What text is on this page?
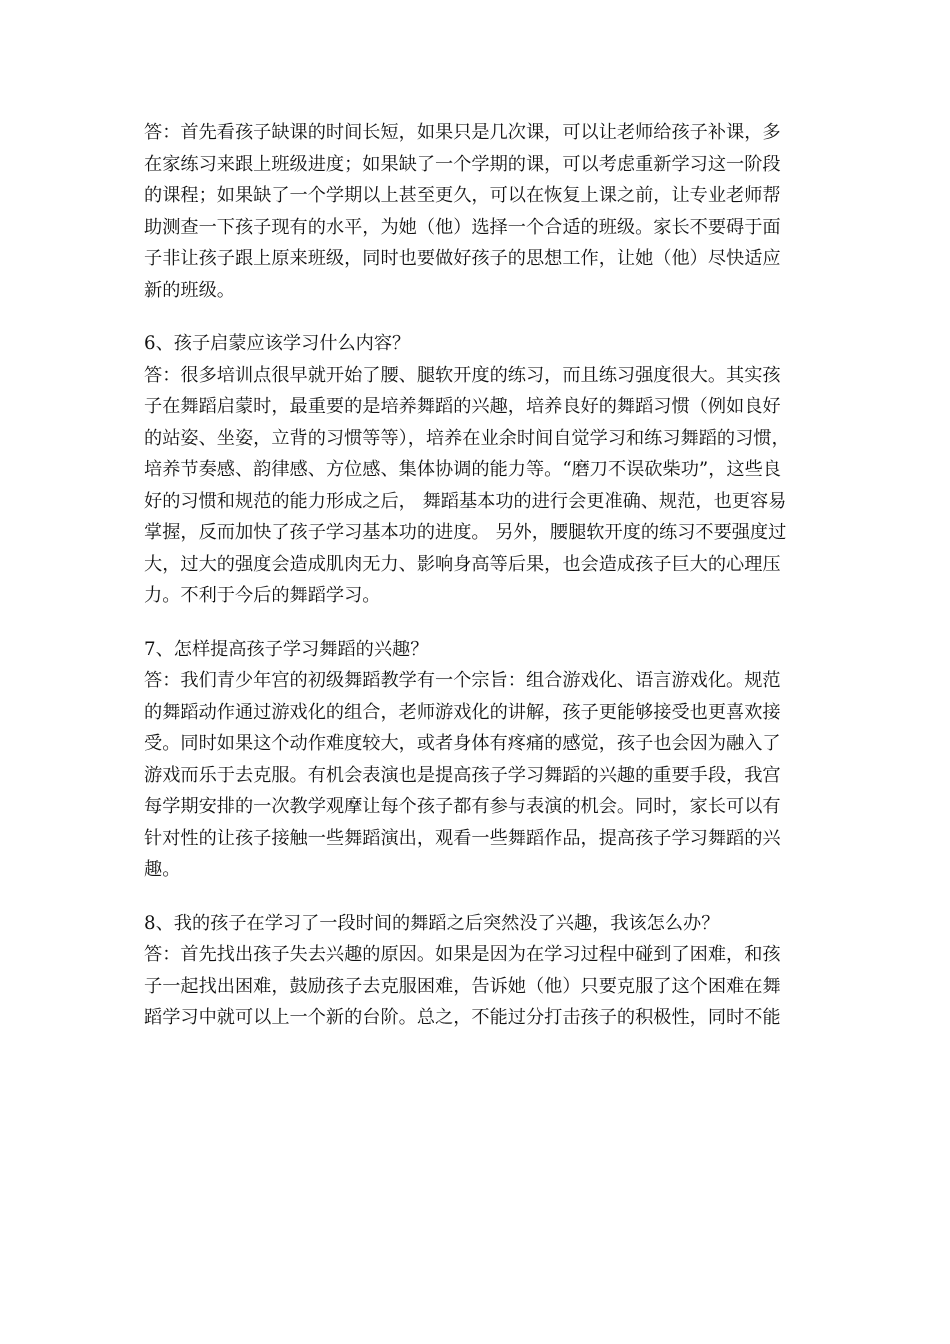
答：首先看孩子缺课的时间长短，如果只是几次课，可以让老师给孩子补课，多
在家练习来跟上班级进度；如果缺了一个学期的课，可以考虑重新学习这一阶段
的课程；如果缺了一个学期以上甚至更久，可以在恢复上课之前，让专业老师帮
助测查一下孩子现有的水平，为她（他）选择一个合适的班级。家长不要碍于面
子非让孩子跟上原来班级，同时也要做好孩子的思想工作，让她（他）尽快适应
新的班级。
6、孩子启蒙应该学习什么内容？
答：很多培训点很早就开始了腰、腿软开度的练习，而且练习强度很大。其实孩
子在舞蹈启蒙时，最重要的是培养舞蹈的兴趣，培养良好的舞蹈习惯（例如良好
的站姿、坐姿，立背的习惯等等），培养在业余时间自觉学习和练习舞蹈的习惯，
培养节奏感、韵律感、方位感、集体协调的能力等。“磨刀不误砍柴功”，这些良
好的习惯和规范的能力形成之后， 舞蹈基本功的进行会更准确、规范，也更容易
掌握，反而加快了孩子学习基本功的进度。 另外，腰腿软开度的练习不要强度过
大，过大的强度会造成肌肉无力、影响身高等后果，也会造成孩子巨大的心理压
力。不利于今后的舞蹈学习。
7、怎样提高孩子学习舞蹈的兴趣？
答：我们青少年宫的初级舞蹈教学有一个宗旨：组合游戏化、语言游戏化。规范
的舞蹈动作通过游戏化的组合，老师游戏化的讲解，孩子更能够接受也更喜欢接
受。同时如果这个动作难度较大，或者身体有疼痛的感觉，孩子也会因为融入了
游戏而乐于去克服。有机会表演也是提高孩子学习舞蹈的兴趣的重要手段，我宫
每学期安排的一次教学观摩让每个孩子都有参与表演的机会。同时，家长可以有
针对性的让孩子接触一些舞蹈演出，观看一些舞蹈作品，提高孩子学习舞蹈的兴
趣。
8、我的孩子在学习了一段时间的舞蹈之后突然没了兴趣，我该怎么办？
答：首先找出孩子失去兴趣的原因。如果是因为在学习过程中碰到了困难，和孩
子一起找出困难，鼓励孩子去克服困难，告诉她（他）只要克服了这个困难在舞
蹈学习中就可以上一个新的台阶。总之，不能过分打击孩子的积极性，同时不能
